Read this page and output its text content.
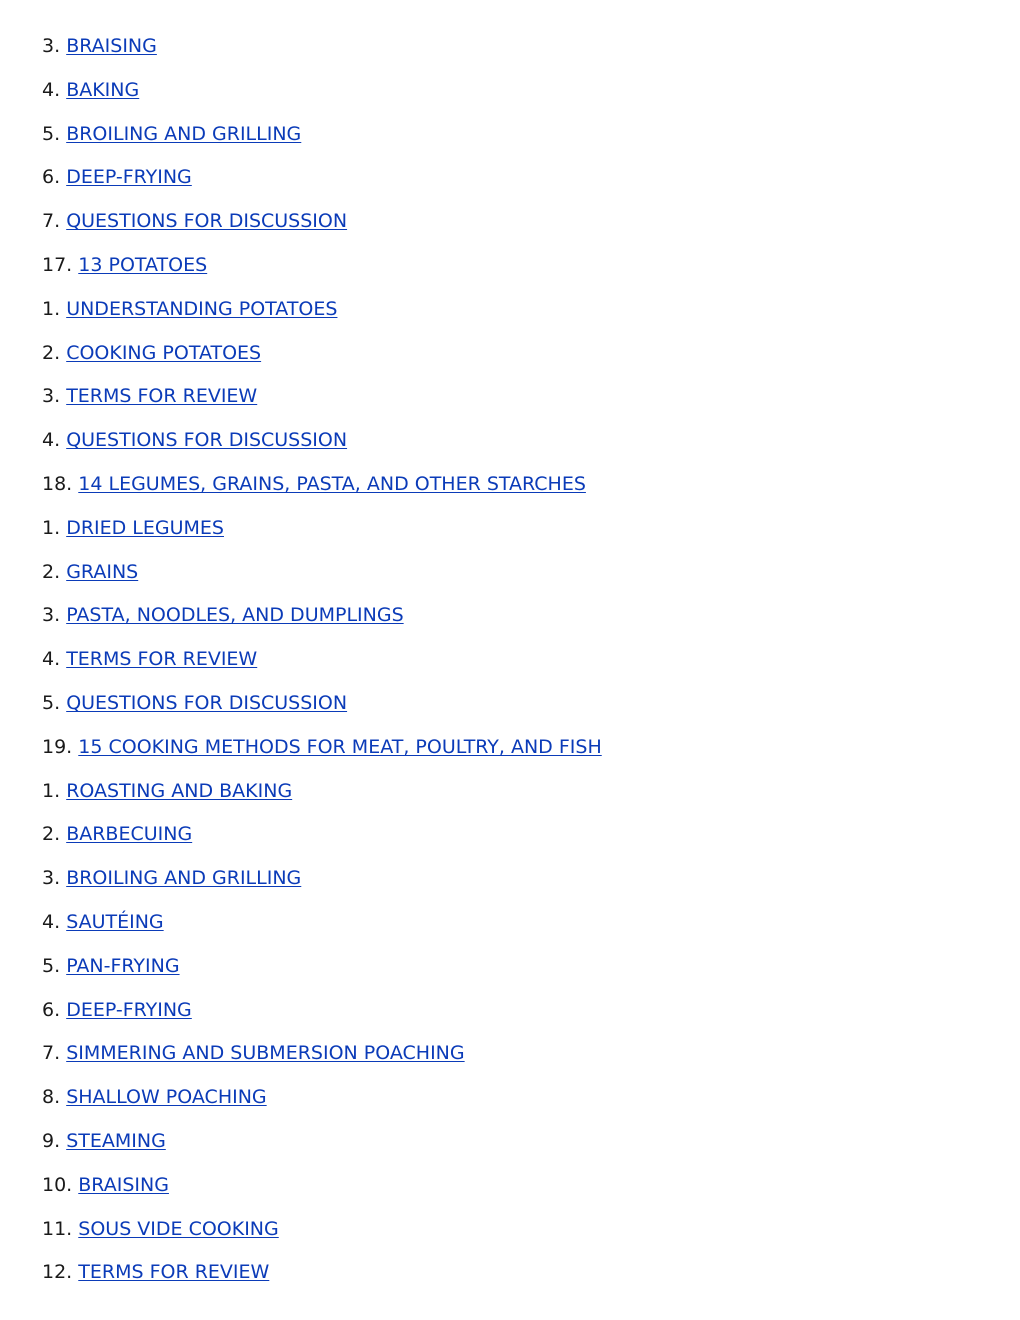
3. BRAISING
4. BAKING
5. BROILING AND GRILLING
6. DEEP-FRYING
7. QUESTIONS FOR DISCUSSION
17. 13 POTATOES
1. UNDERSTANDING POTATOES
2. COOKING POTATOES
3. TERMS FOR REVIEW
4. QUESTIONS FOR DISCUSSION
18. 14 LEGUMES, GRAINS, PASTA, AND OTHER STARCHES
1. DRIED LEGUMES
2. GRAINS
3. PASTA, NOODLES, AND DUMPLINGS
4. TERMS FOR REVIEW
5. QUESTIONS FOR DISCUSSION
19. 15 COOKING METHODS FOR MEAT, POULTRY, AND FISH
1. ROASTING AND BAKING
2. BARBECUING
3. BROILING AND GRILLING
4. SAUTÉING
5. PAN-FRYING
6. DEEP-FRYING
7. SIMMERING AND SUBMERSION POACHING
8. SHALLOW POACHING
9. STEAMING
10. BRAISING
11. SOUS VIDE COOKING
12. TERMS FOR REVIEW
